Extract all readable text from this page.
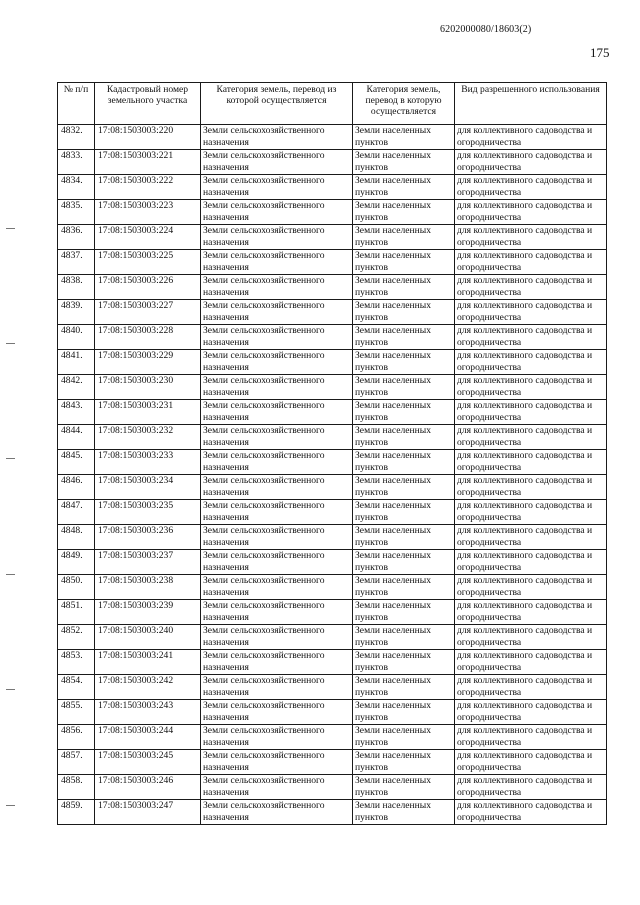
6202000080/18603(2)
175
№ п/п	Кадастровый номер земельного участка	Категория земель, перевод из которой осуществляется	Категория земель, перевод в которую осуществляется	Вид разрешенного использования
4832.	17:08:1503003:220	Земли сельскохозяйственного назначения	Земли населенных пунктов	для коллективного садоводства и огородничества
4833.	17:08:1503003:221	Земли сельскохозяйственного назначения	Земли населенных пунктов	для коллективного садоводства и огородничества
4834.	17:08:1503003:222	Земли сельскохозяйственного назначения	Земли населенных пунктов	для коллективного садоводства и огородничества
4835.	17:08:1503003:223	Земли сельскохозяйственного назначения	Земли населенных пунктов	для коллективного садоводства и огородничества
4836.	17:08:1503003:224	Земли сельскохозяйственного назначения	Земли населенных пунктов	для коллективного садоводства и огородничества
4837.	17:08:1503003:225	Земли сельскохозяйственного назначения	Земли населенных пунктов	для коллективного садоводства и огородничества
4838.	17:08:1503003:226	Земли сельскохозяйственного назначения	Земли населенных пунктов	для коллективного садоводства и огородничества
4839.	17:08:1503003:227	Земли сельскохозяйственного назначения	Земли населенных пунктов	для коллективного садоводства и огородничества
4840.	17:08:1503003:228	Земли сельскохозяйственного назначения	Земли населенных пунктов	для коллективного садоводства и огородничества
4841.	17:08:1503003:229	Земли сельскохозяйственного назначения	Земли населенных пунктов	для коллективного садоводства и огородничества
4842.	17:08:1503003:230	Земли сельскохозяйственного назначения	Земли населенных пунктов	для коллективного садоводства и огородничества
4843.	17:08:1503003:231	Земли сельскохозяйственного назначения	Земли населенных пунктов	для коллективного садоводства и огородничества
4844.	17:08:1503003:232	Земли сельскохозяйственного назначения	Земли населенных пунктов	для коллективного садоводства и огородничества
4845.	17:08:1503003:233	Земли сельскохозяйственного назначения	Земли населенных пунктов	для коллективного садоводства и огородничества
4846.	17:08:1503003:234	Земли сельскохозяйственного назначения	Земли населенных пунктов	для коллективного садоводства и огородничества
4847.	17:08:1503003:235	Земли сельскохозяйственного назначения	Земли населенных пунктов	для коллективного садоводства и огородничества
4848.	17:08:1503003:236	Земли сельскохозяйственного назначения	Земли населенных пунктов	для коллективного садоводства и огородничества
4849.	17:08:1503003:237	Земли сельскохозяйственного назначения	Земли населенных пунктов	для коллективного садоводства и огородничества
4850.	17:08:1503003:238	Земли сельскохозяйственного назначения	Земли населенных пунктов	для коллективного садоводства и огородничества
4851.	17:08:1503003:239	Земли сельскохозяйственного назначения	Земли населенных пунктов	для коллективного садоводства и огородничества
4852.	17:08:1503003:240	Земли сельскохозяйственного назначения	Земли населенных пунктов	для коллективного садоводства и огородничества
4853.	17:08:1503003:241	Земли сельскохозяйственного назначения	Земли населенных пунктов	для коллективного садоводства и огородничества
4854.	17:08:1503003:242	Земли сельскохозяйственного назначения	Земли населенных пунктов	для коллективного садоводства и огородничества
4855.	17:08:1503003:243	Земли сельскохозяйственного назначения	Земли населенных пунктов	для коллективного садоводства и огородничества
4856.	17:08:1503003:244	Земли сельскохозяйственного назначения	Земли населенных пунктов	для коллективного садоводства и огородничества
4857.	17:08:1503003:245	Земли сельскохозяйственного назначения	Земли населенных пунктов	для коллективного садоводства и огородничества
4858.	17:08:1503003:246	Земли сельскохозяйственного назначения	Земли населенных пунктов	для коллективного садоводства и огородничества
4859.	17:08:1503003:247	Земли сельскохозяйственного назначения	Земли населенных пунктов	для коллективного садоводства и огородничества
